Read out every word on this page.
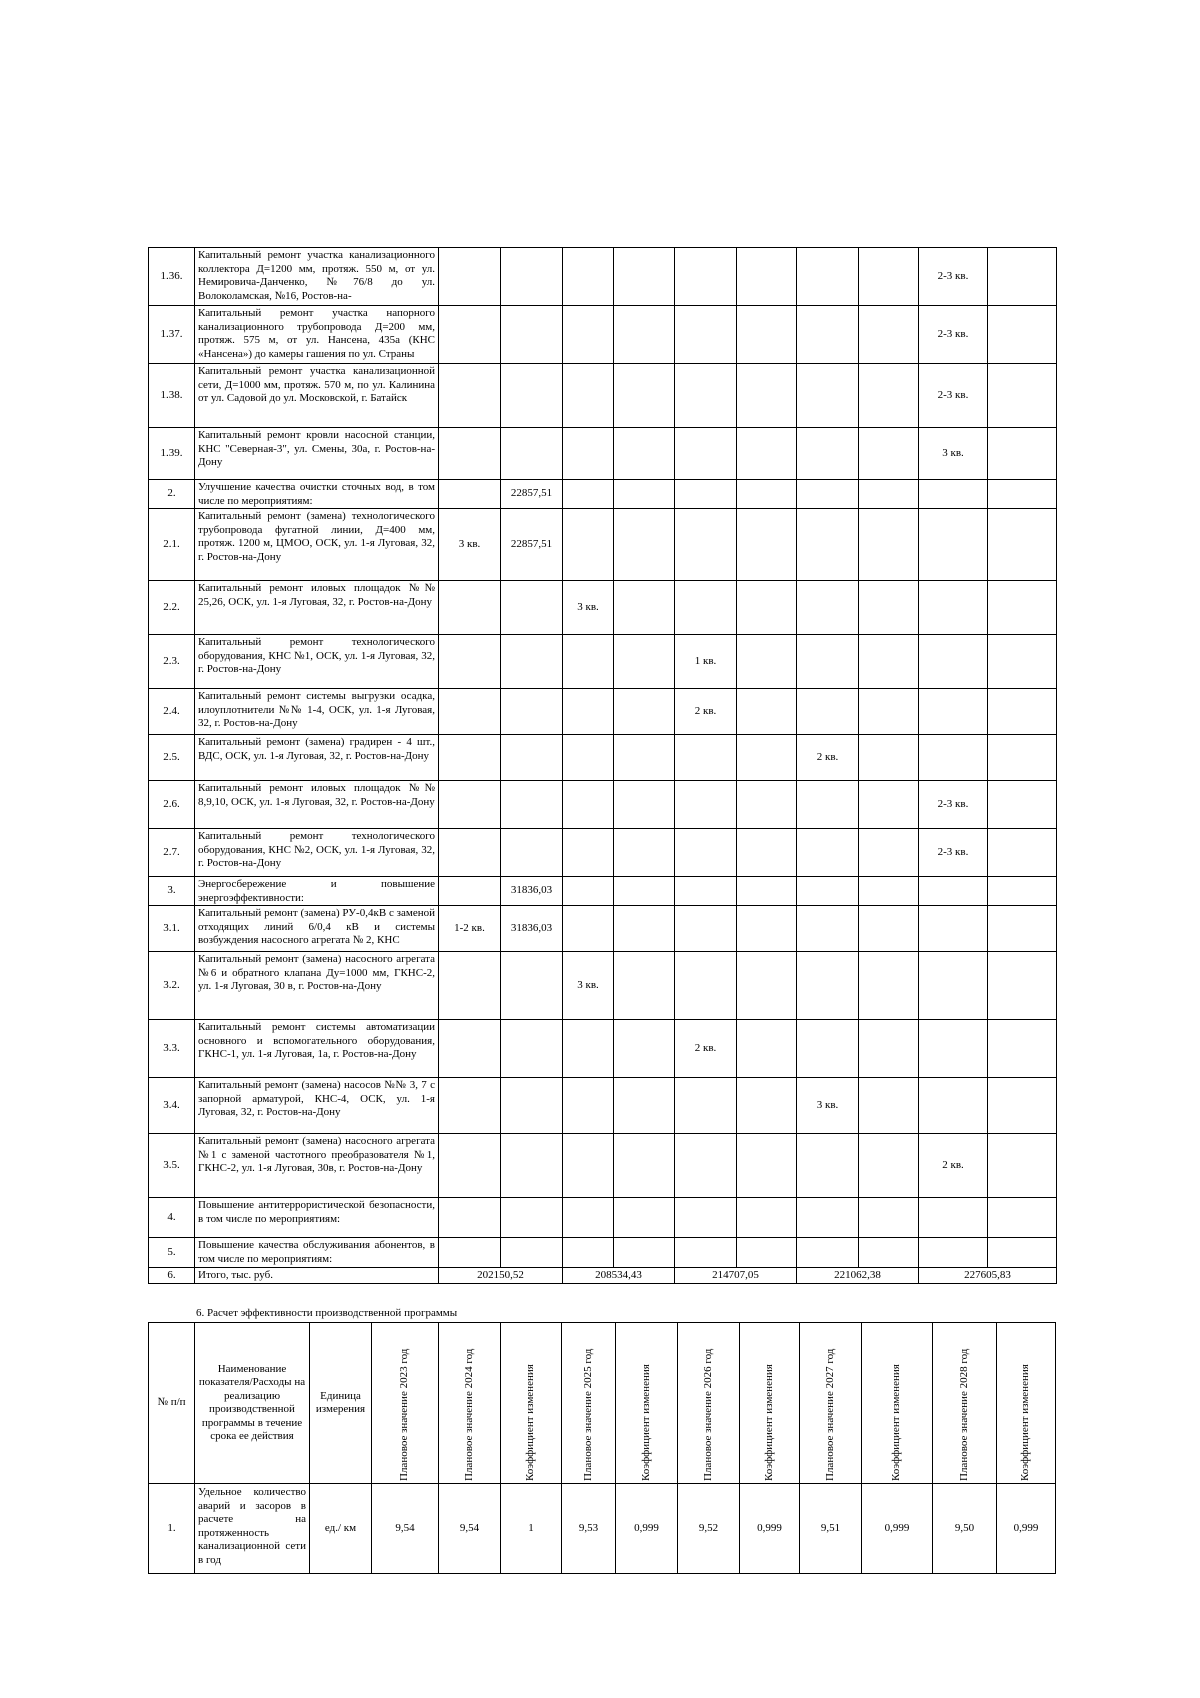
1.36.	Капитальный ремонт участка канализационного коллектора Д=1200 мм, протяж. 550 м, от ул. Немировича-Данченко, №76/8 до ул. Волоколамская, №16, Ростов-на-									2-3 кв.	
1.37.	Капитальный ремонт участка напорного канализационного трубопровода Д=200 мм, протяж. 575 м, от ул. Нансена, 435а (КНС «Нансена») до камеры гашения по ул. Страны									2-3 кв.	
1.38.	Капитальный ремонт участка канализационной сети, Д=1000 мм, протяж. 570 м, по ул. Калинина от ул. Садовой до ул. Московской, г. Батайск									2-3 кв.	
1.39.	Капитальный ремонт кровли насосной станции, КНС "Северная-3", ул. Смены, 30а, г. Ростов-на-Дону									3 кв.	
2.	Улучшение качества очистки сточных вод, в том числе по мероприятиям:		22857,51								
2.1.	Капитальный ремонт (замена) технологического трубопровода фугатной линии, Д=400 мм, протяж. 1200 м, ЦМОО, ОСК, ул. 1-я Луговая, 32, г. Ростов-на-Дону	3 кв.	22857,51								
2.2.	Капитальный ремонт иловых площадок №№ 25,26, ОСК, ул. 1-я Луговая, 32, г. Ростов-на-Дону			3 кв.							
2.3.	Капитальный ремонт технологического оборудования, КНС №1, ОСК, ул. 1-я Луговая, 32, г. Ростов-на-Дону					1 кв.					
2.4.	Капитальный ремонт системы выгрузки осадка, илоуплотнители №№ 1-4, ОСК, ул. 1-я Луговая, 32, г. Ростов-на-Дону					2 кв.					
2.5.	Капитальный ремонт (замена) градирен - 4 шт., ВДС, ОСК, ул. 1-я Луговая, 32, г. Ростов-на-Дону							2 кв.			
2.6.	Капитальный ремонт иловых площадок №№ 8,9,10, ОСК, ул. 1-я Луговая, 32, г. Ростов-на-Дону									2-3 кв.	
2.7.	Капитальный ремонт технологического оборудования, КНС №2, ОСК, ул. 1-я Луговая, 32, г. Ростов-на-Дону									2-3 кв.	
3.	Энергосбережение и повышение энергоэффективности:		31836,03								
3.1.	Капитальный ремонт (замена) РУ-0,4кВ с заменой отходящих линий 6/0,4 кВ и системы возбуждения насосного агрегата № 2, КНС	1-2 кв.	31836,03								
3.2.	Капитальный ремонт (замена) насосного агрегата №6 и обратного клапана Ду=1000 мм, ГКНС-2, ул. 1-я Луговая, 30 в, г. Ростов-на-Дону			3 кв.							
3.3.	Капитальный ремонт системы автоматизации основного и вспомогательного оборудования, ГКНС-1, ул. 1-я Луговая, 1а, г. Ростов-на-Дону					2 кв.					
3.4.	Капитальный ремонт (замена) насосов №№ 3, 7 с запорной арматурой, КНС-4, ОСК, ул. 1-я Луговая, 32, г. Ростов-на-Дону							3 кв.			
3.5.	Капитальный ремонт (замена) насосного агрегата №1 с заменой частотного преобразователя №1, ГКНС-2, ул. 1-я Луговая, 30в, г. Ростов-на-Дону									2 кв.	
4.	Повышение антитеррористической безопасности, в том числе по мероприятиям:										
5.	Повышение качества обслуживания абонентов, в том числе по мероприятиям:										
6.	Итого, тыс. руб.	202150,52		208534,43		214707,05		221062,38		227605,83	
6. Расчет эффективности производственной программы
№ п/п	Наименование показателя/Расходы на реализацию производственной программы в течение срока ее действия	Единица измерения	Плановое значение 2023 год	Плановое значение 2024 год	Коэффициент изменения	Плановое значение 2025 год	Коэффициент изменения	Плановое значение 2026 год	Коэффициент изменения	Плановое значение 2027 год	Коэффициент изменения	Плановое значение 2028 год	Коэффициент изменения

1.	Удельное количество аварий и засоров в расчете на протяженность канализационной сети в год	ед./ км	9,54	9,54	1	9,53	0,999	9,52	0,999	9,51	0,999	9,50	0,999
